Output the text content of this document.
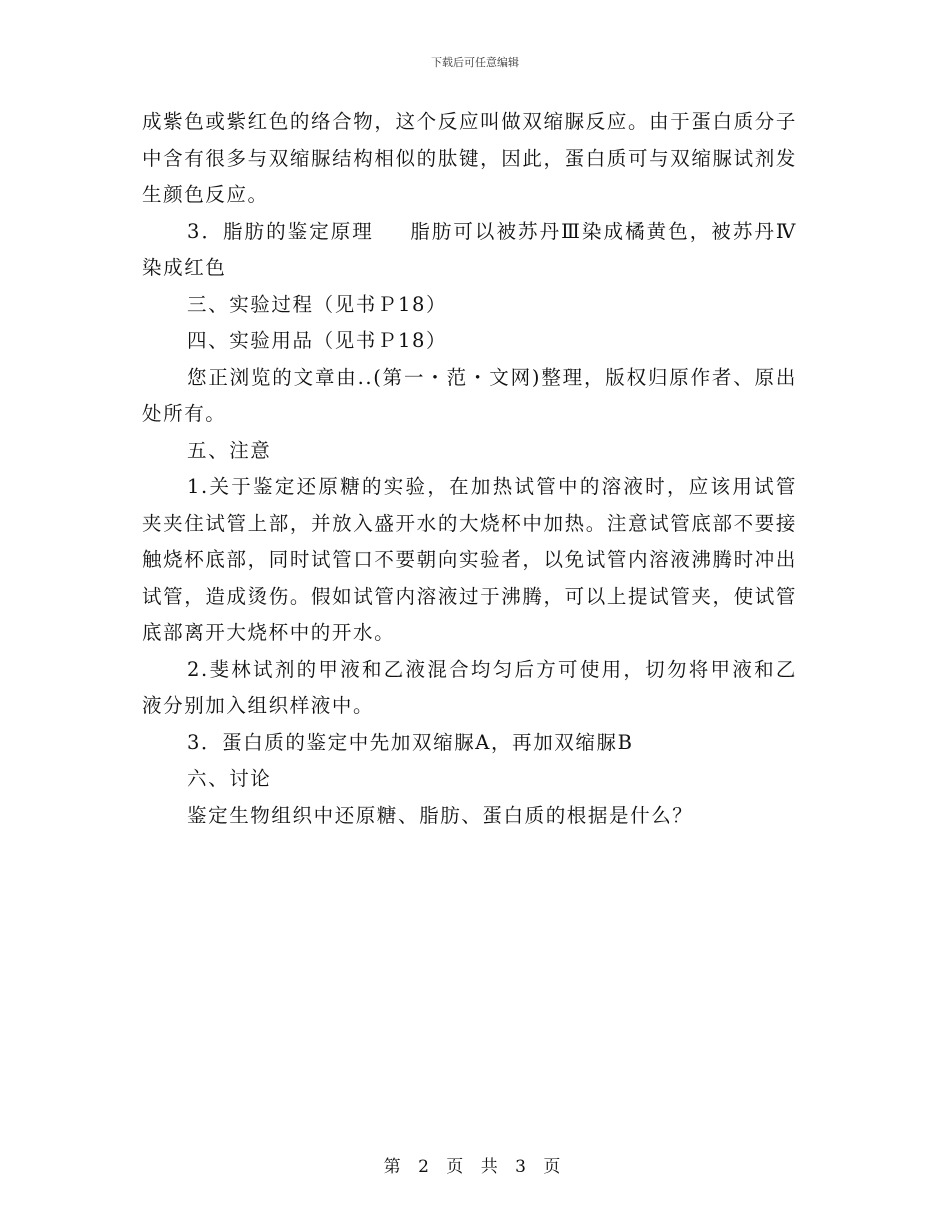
下载后可任意编辑

成紫色或紫红色的络合物，这个反应叫做双缩脲反应。由于蛋白质分子中含有很多与双缩脲结构相似的肽键，因此，蛋白质可与双缩脲试剂发生颜色反应。

3．脂肪的鉴定原理 脂肪可以被苏丹Ⅲ染成橘黄色，被苏丹Ⅳ染成红色

三、实验过程（见书Ｐ18）

四、实验用品（见书Ｐ18）

您正浏览的文章由..(第一・范・文网)整理，版权归原作者、原出处所有。

五、注意

1.关于鉴定还原糖的实验，在加热试管中的溶液时，应该用试管夹夹住试管上部，并放入盛开水的大烧杯中加热。注意试管底部不要接触烧杯底部，同时试管口不要朝向实验者，以免试管内溶液沸腾时冲出试管，造成烫伤。假如试管内溶液过于沸腾，可以上提试管夹，使试管底部离开大烧杯中的开水。

2.斐林试剂的甲液和乙液混合均匀后方可使用，切勿将甲液和乙液分别加入组织样液中。

3．蛋白质的鉴定中先加双缩脲A，再加双缩脲B

六、讨论

鉴定生物组织中还原糖、脂肪、蛋白质的根据是什么？

第 2 页 共 3 页
